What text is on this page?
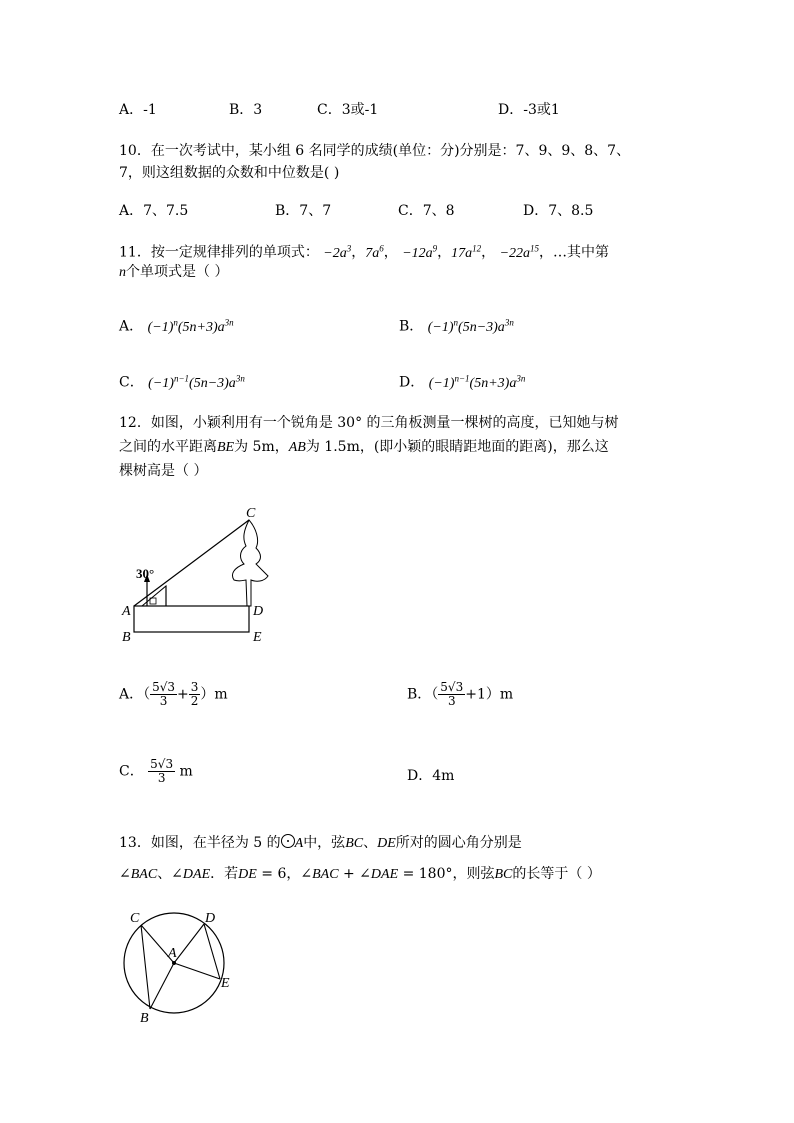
A．-1	B．3	C．3或-1	D．-3或1
10．在一次考试中，某小组 6 名同学的成绩(单位：分)分别是：7、9、9、8、7、
7，则这组数据的众数和中位数是( )
A．7、7.5	B．7、7	C．7、8	D．7、8.5
11．按一定规律排列的单项式： $-2a^3$，$7a^6$， $-12a^9$，$17a^{12}$， $-22a^{15}$，…其中第
n个单项式是（ ）
A． $(-1)^n(5n+3)a^{3n}$	B． $(-1)^n(5n-3)a^{3n}$
C． $(-1)^{n-1}(5n-3)a^{3n}$	D． $(-1)^{n-1}(5n+3)a^{3n}$
12．如图，小颖利用有一个锐角是 30° 的三角板测量一棵树的高度，已知她与树
之间的水平距离BE为 5m，AB为 1.5m，(即小颖的眼睛距地面的距离)，那么这
棵树高是（ ）
C
30°
A	D
B	E
A．（ $\frac{5√3}{3} + \frac{3}{2} )m$	B．（ $\frac{5√3}{3} +1)m$
C． $\frac{5√3}{3}$ m	D．4m
13．如图，在半径为 5 的 A中，弦BC、DE所对的圆心角分别是
∠BAC、∠DAE．若DE = 6，∠BAC + ∠DAE = 180°，则弦BC的长等于（ ）
C	D
A
E
B
